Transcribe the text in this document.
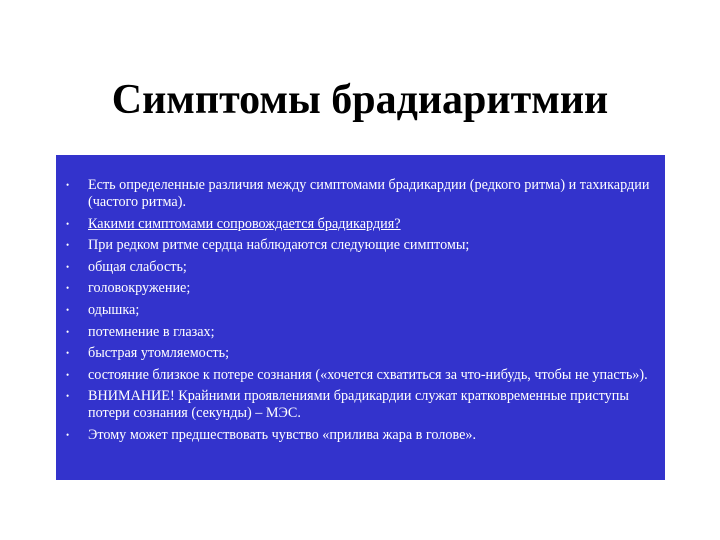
Симптомы брадиаритмии
•	Есть определенные различия между симптомами брадикардии (редкого ритма) и тахикардии (частого ритма).
•	Какими симптомами сопровождается брадикардия?
•	При редком ритме сердца наблюдаются следующие симптомы;
•	общая слабость;
•	головокружение;
•	одышка;
•	потемнение в глазах;
•	быстрая утомляемость;
•	состояние близкое к потере сознания («хочется схватиться за что-нибудь, чтобы не упасть»).
•	ВНИМАНИЕ! Крайними проявлениями брадикардии служат кратковременные приступы потери сознания (секунды) – МЭС.
•	Этому может предшествовать чувство «прилива жара в голове».
